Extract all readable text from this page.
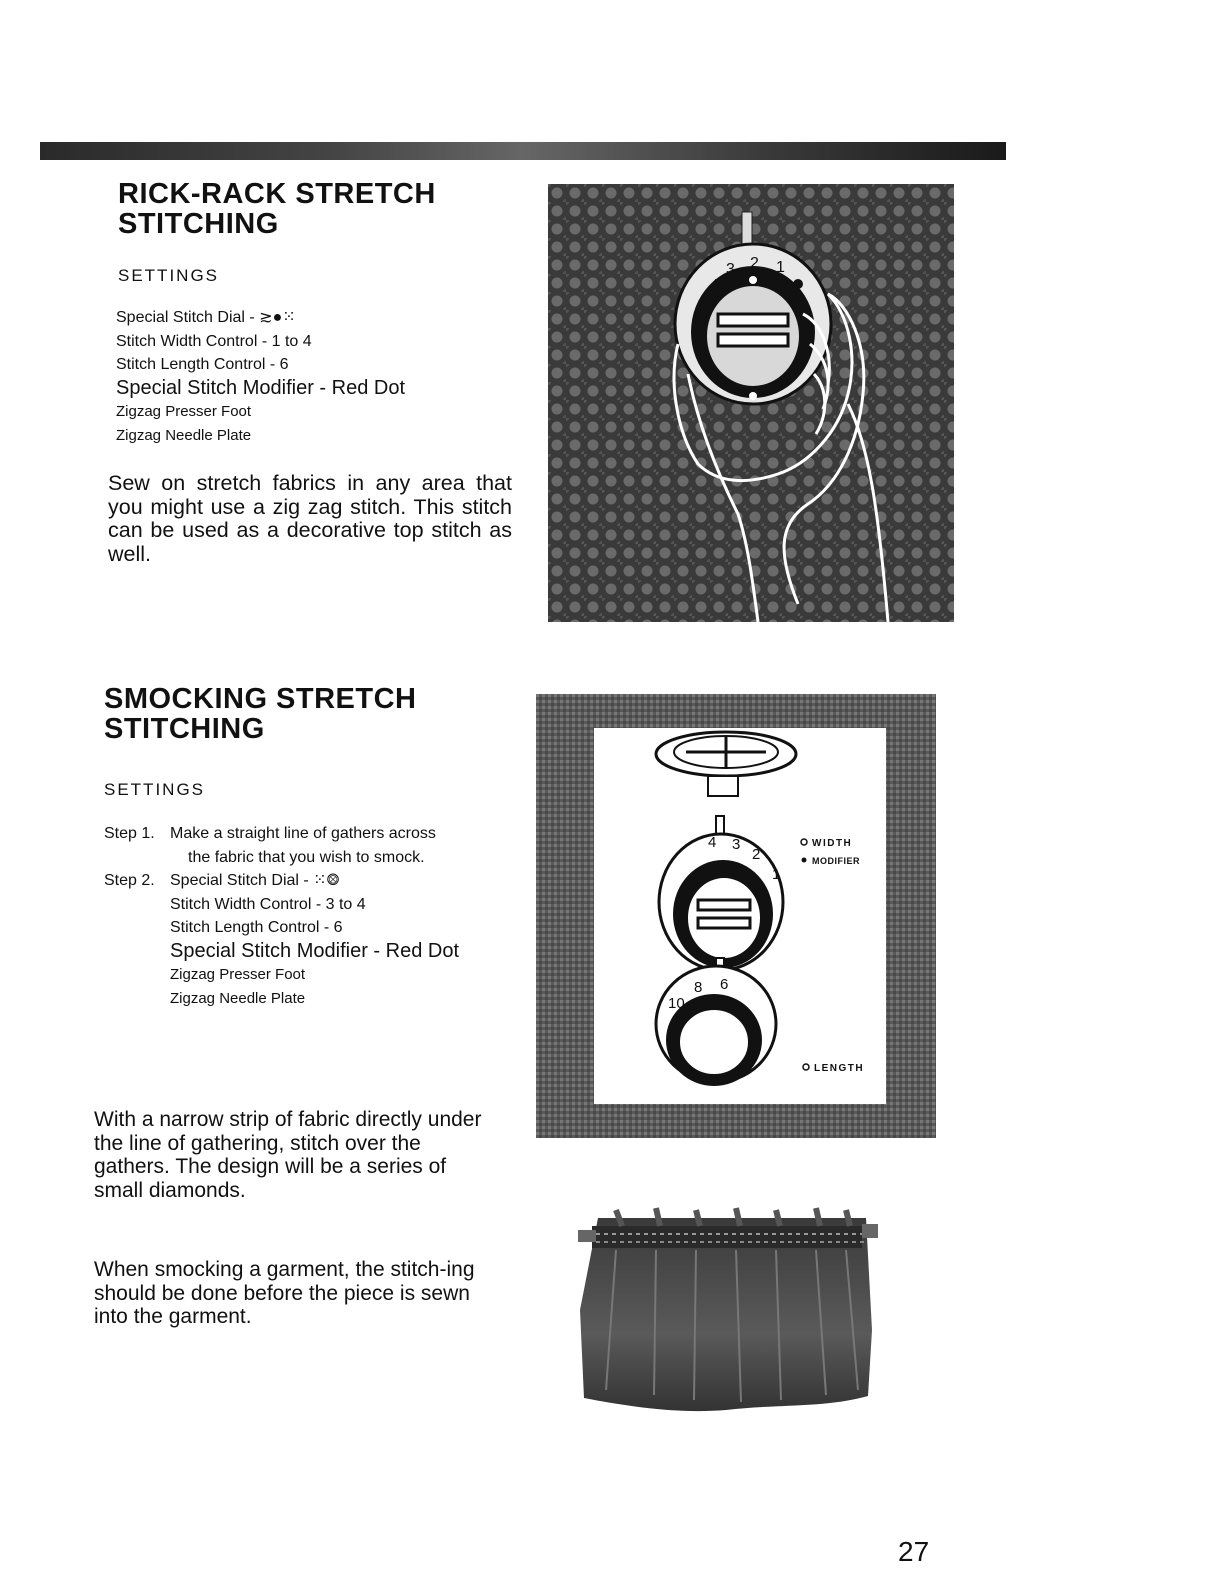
RICK-RACK STRETCH
STITCHING
SETTINGS
Special Stitch Dial - ≳●⁙
Stitch Width Control - 1 to 4
Stitch Length Control - 6
Special Stitch Modifier - Red Dot
Zigzag Presser Foot
Zigzag Needle Plate

Sew on stretch fabrics in any area that you might use a zig zag stitch. This stitch can be used as a decorative top stitch as well.

4
3 2 1
SMOCKING STRETCH
STITCHING
SETTINGS
Step 1. Make a straight line of gathers across
the fabric that you wish to smock.
Step 2. Special Stitch Dial - ⁙⨷
Stitch Width Control - 3 to 4
Stitch Length Control - 6
Special Stitch Modifier - Red Dot
Zigzag Presser Foot
Zigzag Needle Plate

With a narrow strip of fabric directly under the line of gathering, stitch over the gathers. The design will be a series of small diamonds.

When smocking a garment, the stitch-ing should be done before the piece is sewn into the garment.

4 3
2
1
WIDTH
MODIFIER
10
8 6
LENGTH
27
